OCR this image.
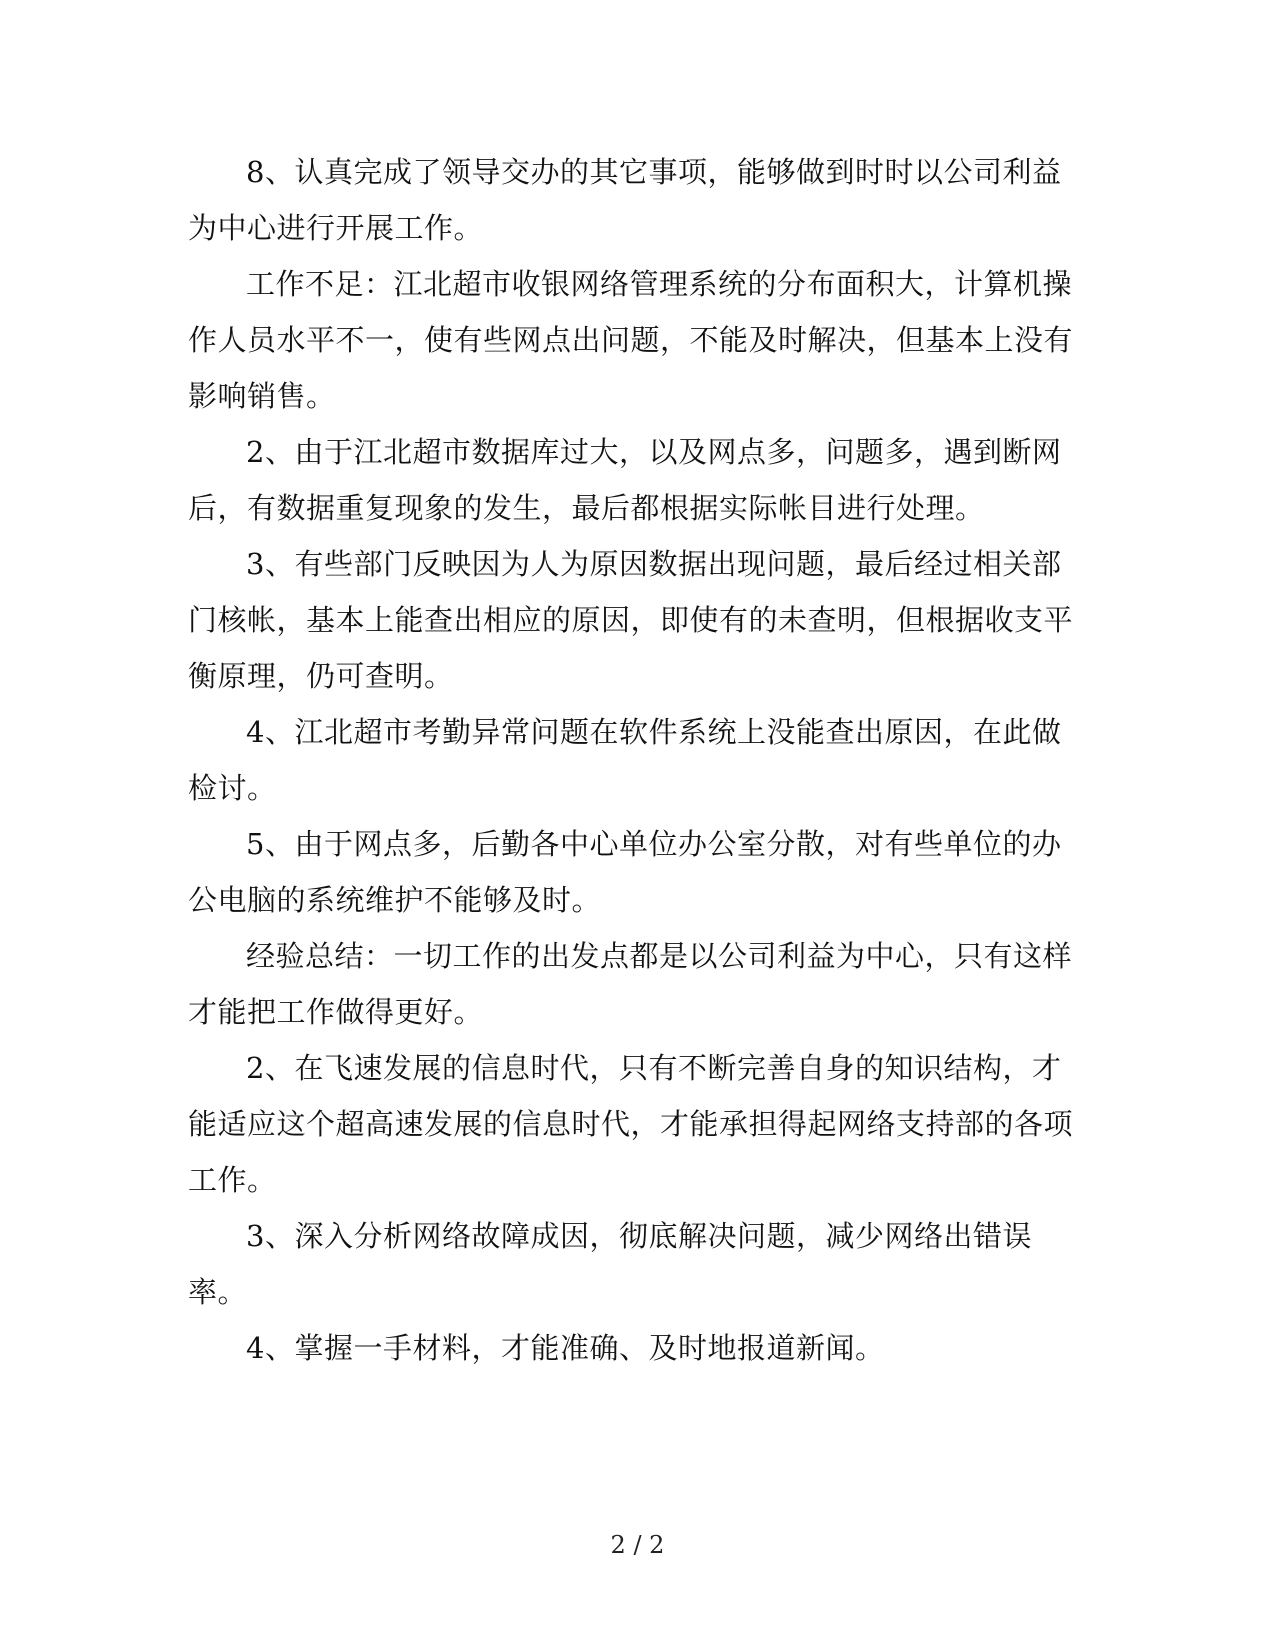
8、认真完成了领导交办的其它事项，能够做到时时以公司利益为中心进行开展工作。

工作不足：江北超市收银网络管理系统的分布面积大，计算机操作人员水平不一，使有些网点出问题，不能及时解决，但基本上没有影响销售。

2、由于江北超市数据库过大，以及网点多，问题多，遇到断网后，有数据重复现象的发生，最后都根据实际帐目进行处理。

3、有些部门反映因为人为原因数据出现问题，最后经过相关部门核帐，基本上能查出相应的原因，即使有的未查明，但根据收支平衡原理，仍可查明。

4、江北超市考勤异常问题在软件系统上没能查出原因，在此做检讨。

5、由于网点多，后勤各中心单位办公室分散，对有些单位的办公电脑的系统维护不能够及时。

经验总结：一切工作的出发点都是以公司利益为中心，只有这样才能把工作做得更好。

2、在飞速发展的信息时代，只有不断完善自身的知识结构，才能适应这个超高速发展的信息时代，才能承担得起网络支持部的各项工作。

3、深入分析网络故障成因，彻底解决问题，减少网络出错误率。

4、掌握一手材料，才能准确、及时地报道新闻。

2 / 2
